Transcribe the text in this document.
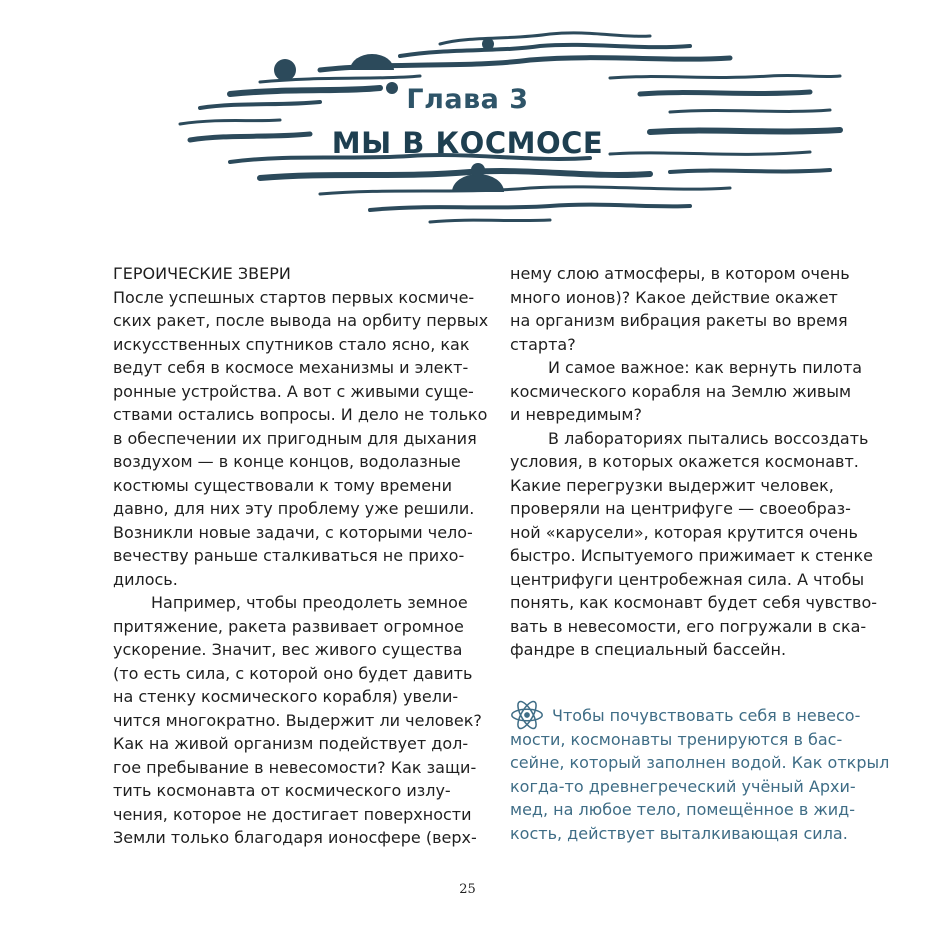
Глава 3
МЫ В КОСМОСЕ
ГЕРОИЧЕСКИЕ ЗВЕРИ

После успешных стартов первых космиче-
ских ракет, после вывода на орбиту первых
искусственных спутников стало ясно, как
ведут себя в космосе механизмы и элект-
ронные устройства. А вот с живыми суще-
ствами остались вопросы. И дело не только
в обеспечении их пригодным для дыхания
воздухом — в конце концов, водолазные
костюмы существовали к тому времени
давно, для них эту проблему уже решили.
Возникли новые задачи, с которыми чело-
вечеству раньше сталкиваться не прихо-
дилось.

Например, чтобы преодолеть земное
притяжение, ракета развивает огромное
ускорение. Значит, вес живого существа
(то есть сила, с которой оно будет давить
на стенку космического корабля) увели-
чится многократно. Выдержит ли человек?
Как на живой организм подействует дол-
гое пребывание в невесомости? Как защи-
тить космонавта от космического излу-
чения, которое не достигает поверхности
Земли только благодаря ионосфере (верх-

нему слою атмосферы, в котором очень
много ионов)? Какое действие окажет
на организм вибрация ракеты во время
старта?

И самое важное: как вернуть пилота
космического корабля на Землю живым
и невредимым?

В лабораториях пытались воссоздать
условия, в которых окажется космонавт.
Какие перегрузки выдержит человек,
проверяли на центрифуге — своеобраз-
ной «карусели», которая крутится очень
быстро. Испытуемого прижимает к стенке
центрифуги центробежная сила. А чтобы
понять, как космонавт будет себя чувство-
вать в невесомости, его погружали в ска-
фандре в специальный бассейн.

Чтобы почувствовать себя в невесо-
мости, космонавты тренируются в бас-
сейне, который заполнен водой. Как открыл
когда-то древнегреческий учёный Архи-
мед, на любое тело, помещённое в жид-
кость, действует выталкивающая сила.

25
